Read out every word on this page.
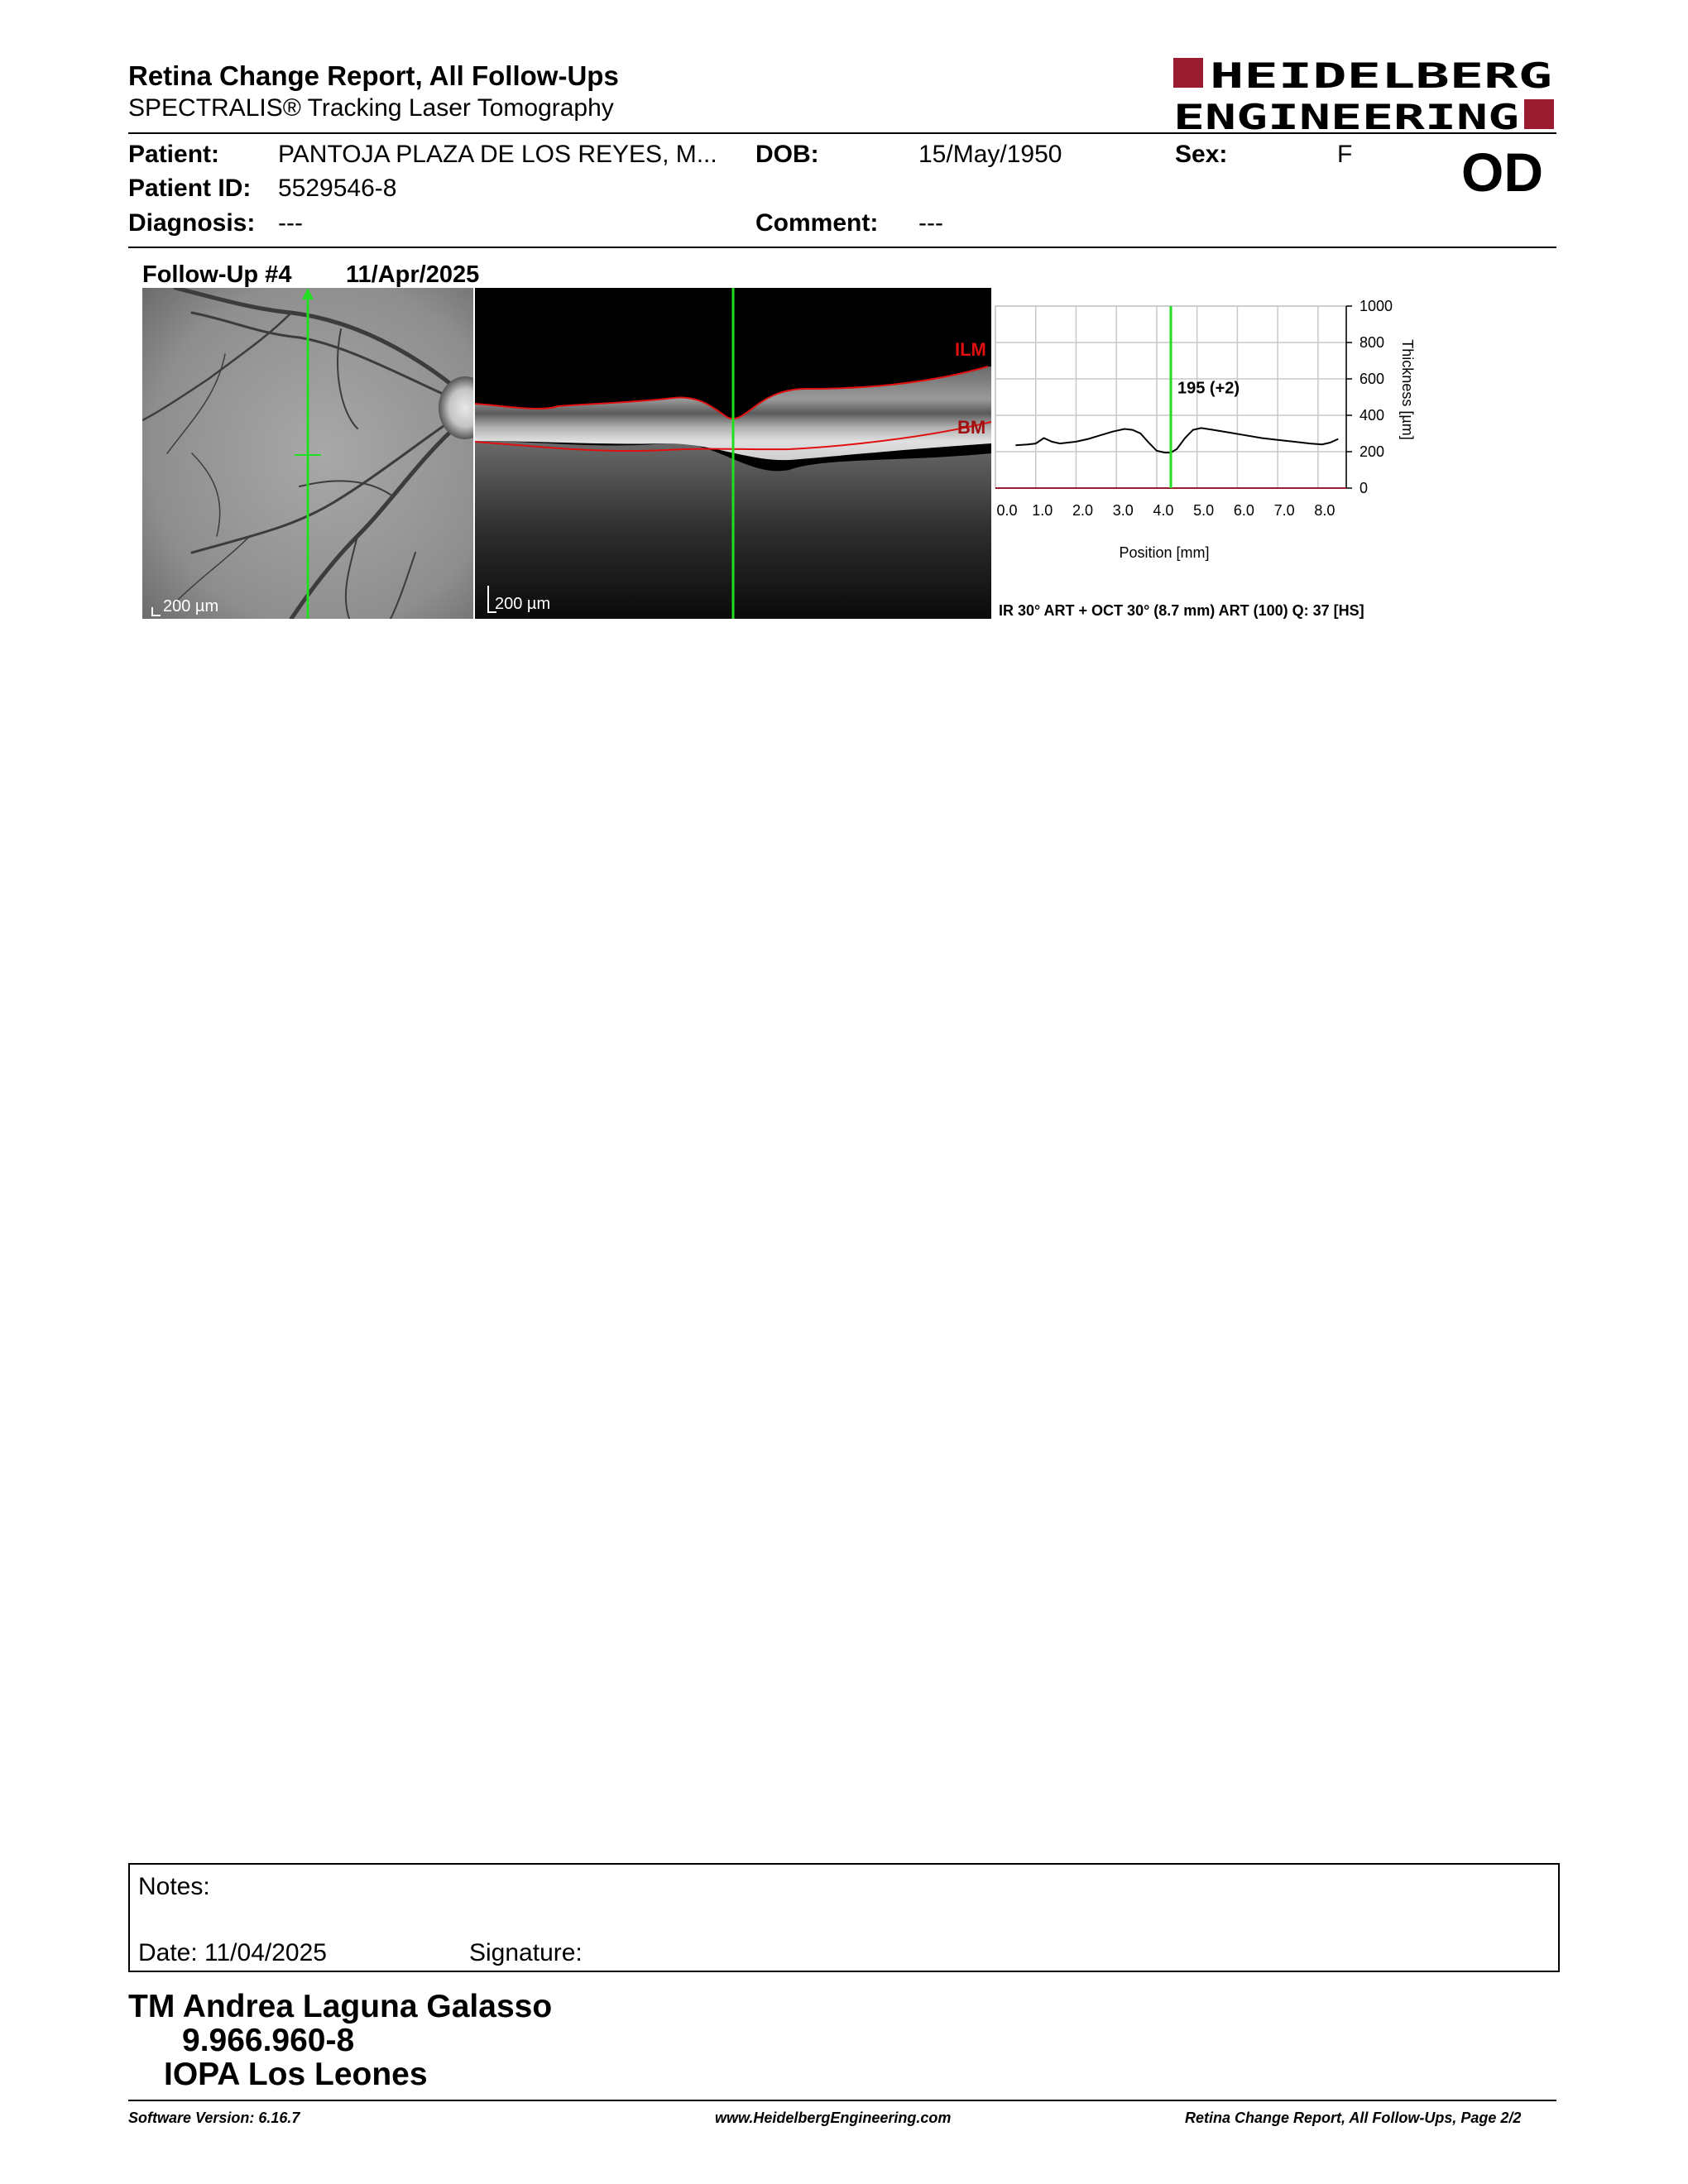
Retina Change Report, All Follow-Ups
SPECTRALIS® Tracking Laser Tomography
HEIDELBERG
ENGINEERING
Patient: PANTOJA PLAZA DE LOS REYES, M... DOB:	15/May/1950	Sex:	F OD
Patient ID: 5529546-8
Diagnosis: ---	Comment: ---
Follow-Up #4 11/Apr/2025
200 µm
ILM
BM
200 µm
0.0 1.0 2.0 3.0 4.0 5.0 6.0 7.0 8.0
0
200
400
600
800
1000
195 (+2)
Position [mm]
Thickness [µm]
IR 30° ART + OCT 30° (8.7 mm) ART (100) Q: 37 [HS]
Notes:
Date: 11/04/2025	Signature:
TM Andrea Laguna Galasso
9.966.960-8
IOPA Los Leones
Software Version: 6.16.7	www.HeidelbergEngineering.com	Retina Change Report, All Follow-Ups, Page 2/2
